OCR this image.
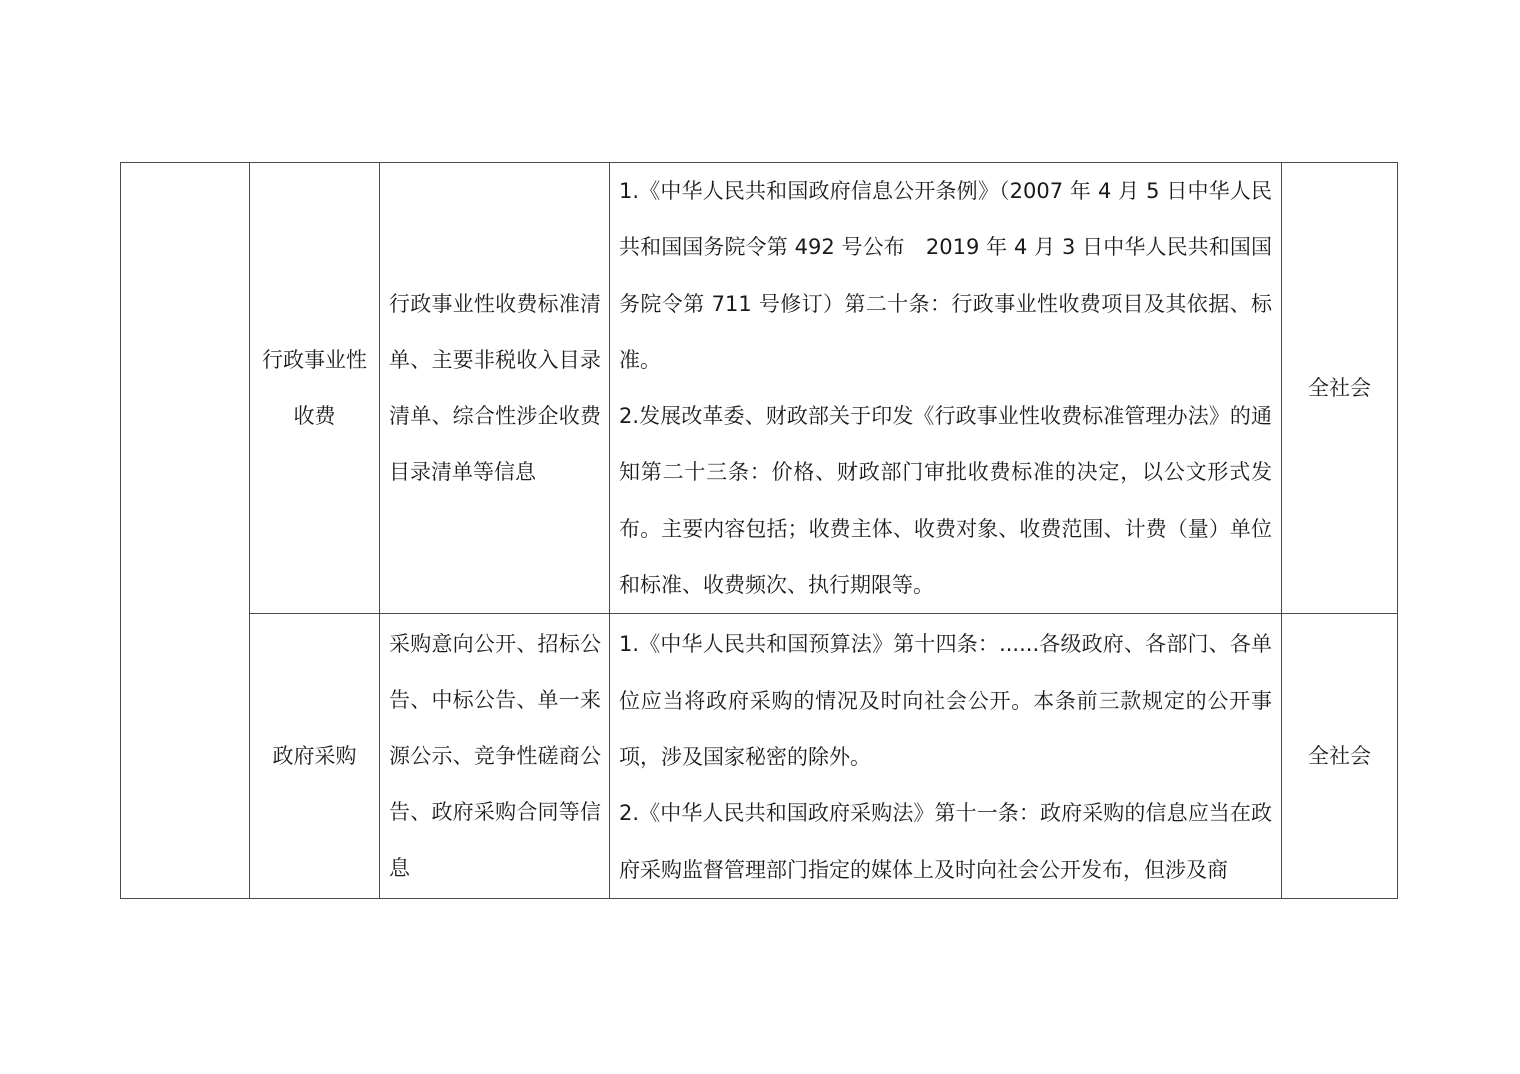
	行政事业性收费	行政事业性收费标准清单、主要非税收入目录清单、综合性涉企收费目录清单等信息	1.《中华人民共和国政府信息公开条例》（2007 年 4 月 5 日中华人民共和国国务院令第 492 号公布　2019 年 4 月 3 日中华人民共和国国务院令第 711 号修订）第二十条：行政事业性收费项目及其依据、标准。
2.发展改革委、财政部关于印发《行政事业性收费标准管理办法》的通知第二十三条：价格、财政部门审批收费标准的决定，以公文形式发布。主要内容包括；收费主体、收费对象、收费范围、计费（量）单位和标准、收费频次、执行期限等。	全社会

	政府采购	采购意向公开、招标公告、中标公告、单一来源公示、竞争性磋商公告、政府采购合同等信息	1.《中华人民共和国预算法》第十四条：......各级政府、各部门、各单位应当将政府采购的情况及时向社会公开。本条前三款规定的公开事项，涉及国家秘密的除外。
2.《中华人民共和国政府采购法》第十一条：政府采购的信息应当在政府采购监督管理部门指定的媒体上及时向社会公开发布，但涉及商	全社会
